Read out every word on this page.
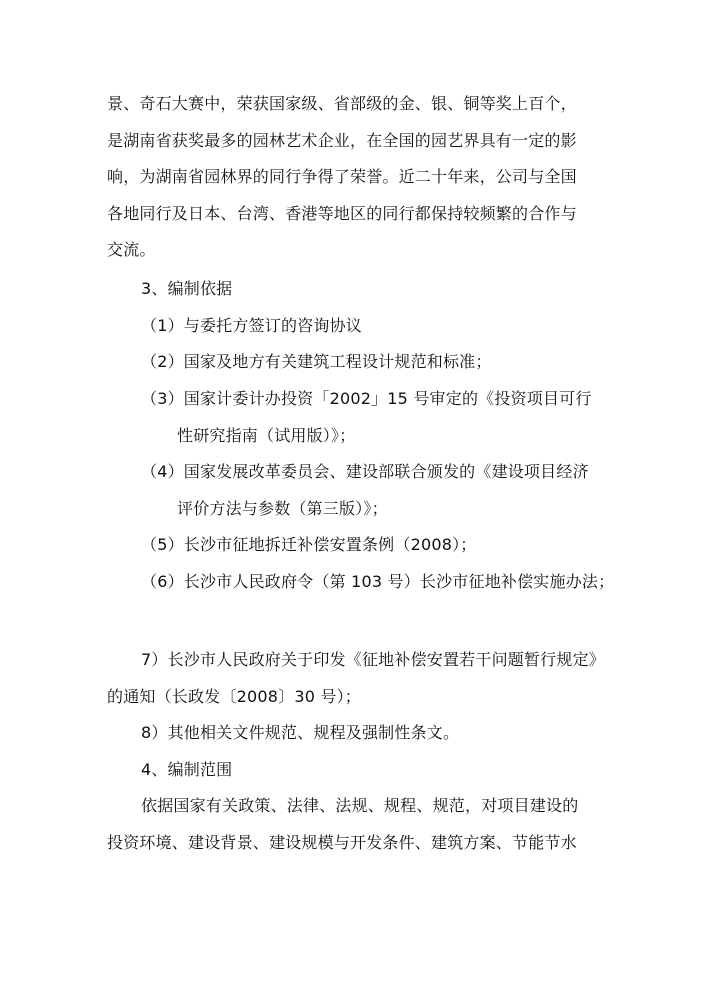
景、奇石大赛中，荣获国家级、省部级的金、银、铜等奖上百个，
是湖南省获奖最多的园林艺术企业，在全国的园艺界具有一定的影
响，为湖南省园林界的同行争得了荣誉。近二十年来，公司与全国
各地同行及日本、台湾、香港等地区的同行都保持较频繁的合作与
交流。
3、编制依据
（1）与委托方签订的咨询协议
（2）国家及地方有关建筑工程设计规范和标准；
（3）国家计委计办投资「2002」15 号审定的《投资项目可行
性研究指南（试用版）》；
（4）国家发展改革委员会、建设部联合颁发的《建设项目经济
评价方法与参数（第三版）》；
（5）长沙市征地拆迁补偿安置条例（2008）；
（6）长沙市人民政府令（第 103 号）长沙市征地补偿实施办法；
7）长沙市人民政府关于印发《征地补偿安置若干问题暂行规定》
的通知（长政发〔2008〕30 号）；
8）其他相关文件规范、规程及强制性条文。
4、编制范围
依据国家有关政策、法律、法规、规程、规范，对项目建设的
投资环境、建设背景、建设规模与开发条件、建筑方案、节能节水
